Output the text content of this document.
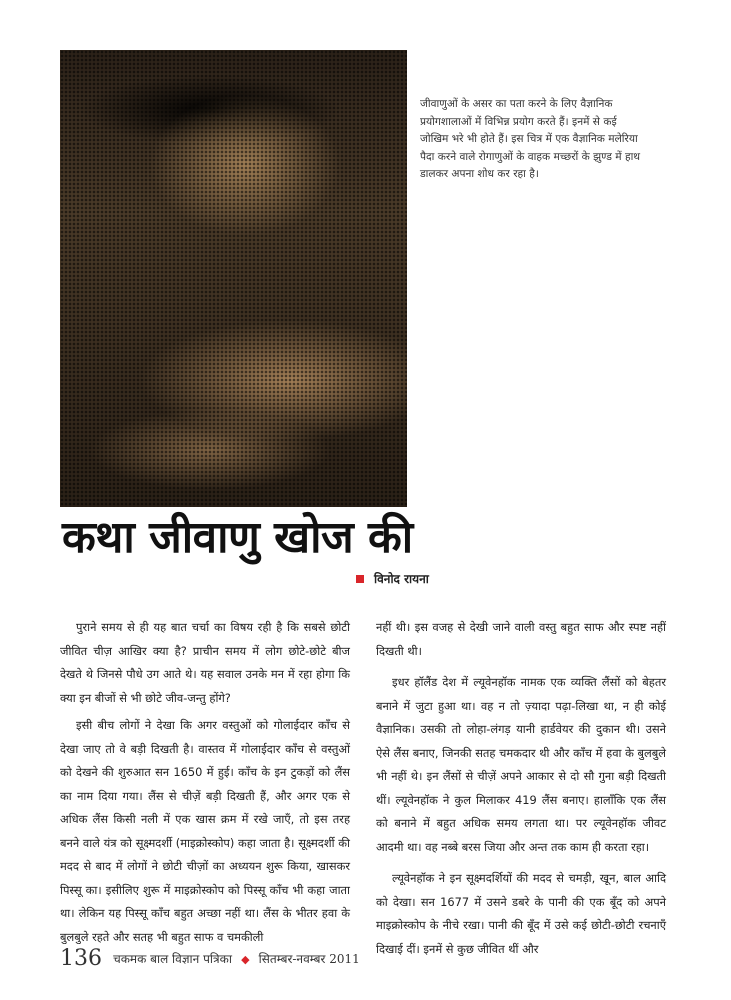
जीवाणुओं के असर का पता करने के लिए वैज्ञानिक प्रयोगशालाओं में विभिन्न प्रयोग करते हैं। इनमें से कई जोखिम भरे भी होते हैं। इस चित्र में एक वैज्ञानिक मलेरिया पैदा करने वाले रोगाणुओं के वाहक मच्छरों के झुण्ड में हाथ डालकर अपना शोध कर रहा है।
कथा जीवाणु खोज की
विनोद रायना

पुराने समय से ही यह बात चर्चा का विषय रही है कि सबसे छोटी जीवित चीज़ आखिर क्या है? प्राचीन समय में लोग छोटे-छोटे बीज देखते थे जिनसे पौधे उग आते थे। यह सवाल उनके मन में रहा होगा कि क्या इन बीजों से भी छोटे जीव-जन्तु होंगे?

इसी बीच लोगों ने देखा कि अगर वस्तुओं को गोलाईदार काँच से देखा जाए तो वे बड़ी दिखती है। वास्तव में गोलाईदार काँच से वस्तुओं को देखने की शुरुआत सन 1650 में हुई। काँच के इन टुकड़ों को लैंस का नाम दिया गया। लैंस से चीज़ें बड़ी दिखती हैं, और अगर एक से अधिक लैंस किसी नली में एक खास क्रम में रखे जाएँ, तो इस तरह बनने वाले यंत्र को सूक्ष्मदर्शी (माइक्रोस्कोप) कहा जाता है। सूक्ष्मदर्शी की मदद से बाद में लोगों ने छोटी चीज़ों का अध्ययन शुरू किया, खासकर पिस्सू का। इसीलिए शुरू में माइक्रोस्कोप को पिस्सू काँच भी कहा जाता था। लेकिन यह पिस्सू काँच बहुत अच्छा नहीं था। लैंस के भीतर हवा के बुलबुले रहते और सतह भी बहुत साफ व चमकीली

नहीं थी। इस वजह से देखी जाने वाली वस्तु बहुत साफ और स्पष्ट नहीं दिखती थी।

इधर हॉलैंड देश में ल्यूवेनहॉक नामक एक व्यक्ति लैंसों को बेहतर बनाने में जुटा हुआ था। वह न तो ज़्यादा पढ़ा-लिखा था, न ही कोई वैज्ञानिक। उसकी तो लोहा-लंगड़ यानी हार्डवेयर की दुकान थी। उसने ऐसे लैंस बनाए, जिनकी सतह चमकदार थी और काँच में हवा के बुलबुले भी नहीं थे। इन लैंसों से चीज़ें अपने आकार से दो सौ गुना बड़ी दिखती थीं। ल्यूवेनहॉक ने कुल मिलाकर 419 लैंस बनाए। हालाँकि एक लैंस को बनाने में बहुत अधिक समय लगता था। पर ल्यूवेनहॉक जीवट आदमी था। वह नब्बे बरस जिया और अन्त तक काम ही करता रहा।

ल्यूवेनहॉक ने इन सूक्ष्मदर्शियों की मदद से चमड़ी, खून, बाल आदि को देखा। सन 1677 में उसने डबरे के पानी की एक बूँद को अपने माइक्रोस्कोप के नीचे रखा। पानी की बूँद में उसे कई छोटी-छोटी रचनाएँ दिखाई दीं। इनमें से कुछ जीवित थीं और

136 चकमक बाल विज्ञान पत्रिका ◆ सितम्बर-नवम्बर 2011
